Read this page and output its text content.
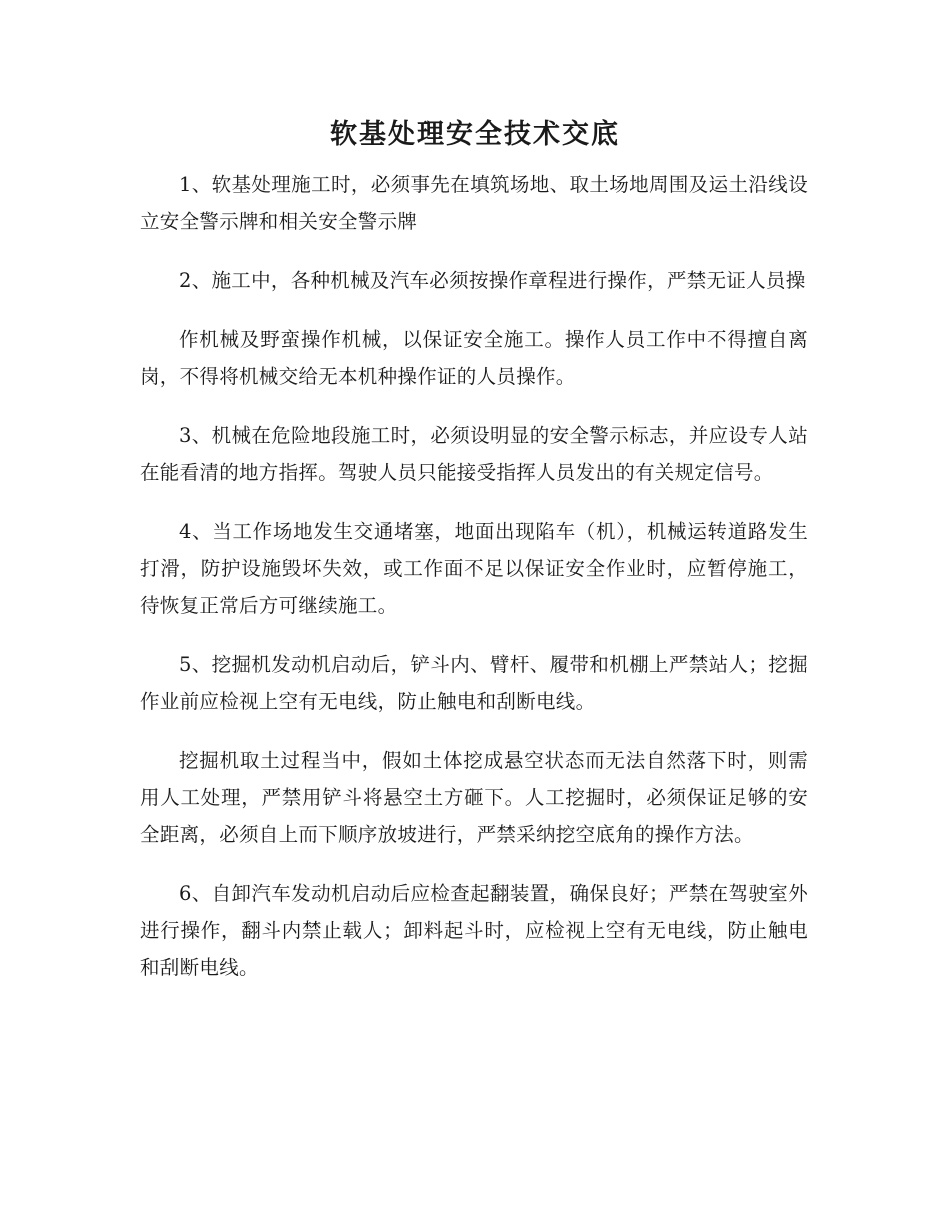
软基处理安全技术交底

1、软基处理施工时，必须事先在填筑场地、取土场地周围及运土沿线设立安全警示牌和相关安全警示牌

2、施工中，各种机械及汽车必须按操作章程进行操作，严禁无证人员操

作机械及野蛮操作机械，以保证安全施工。操作人员工作中不得擅自离岗，不得将机械交给无本机种操作证的人员操作。

3、机械在危险地段施工时，必须设明显的安全警示标志，并应设专人站在能看清的地方指挥。驾驶人员只能接受指挥人员发出的有关规定信号。

4、当工作场地发生交通堵塞，地面出现陷车（机），机械运转道路发生打滑，防护设施毁坏失效，或工作面不足以保证安全作业时，应暂停施工，待恢复正常后方可继续施工。

5、挖掘机发动机启动后，铲斗内、臂杆、履带和机棚上严禁站人；挖掘作业前应检视上空有无电线，防止触电和刮断电线。

挖掘机取土过程当中，假如土体挖成悬空状态而无法自然落下时，则需用人工处理，严禁用铲斗将悬空土方砸下。人工挖掘时，必须保证足够的安全距离，必须自上而下顺序放坡进行，严禁采纳挖空底角的操作方法。

6、自卸汽车发动机启动后应检查起翻装置，确保良好；严禁在驾驶室外进行操作，翻斗内禁止载人；卸料起斗时，应检视上空有无电线，防止触电和刮断电线。
